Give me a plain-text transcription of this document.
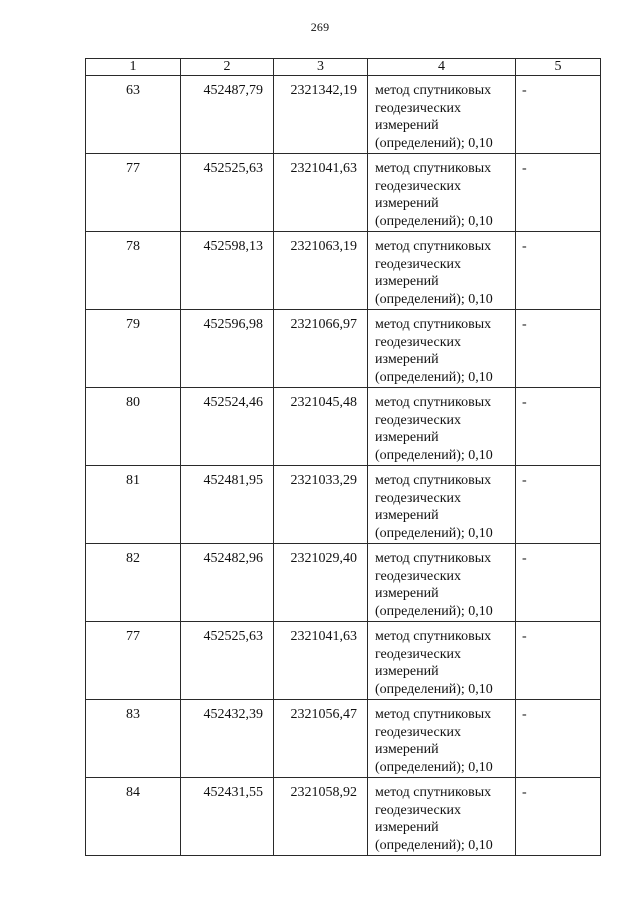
269
1	2	3	4	5
63	452487,79	2321342,19	метод спутниковых
геодезических
измерений
(определений); 0,10	-
77	452525,63	2321041,63	метод спутниковых
геодезических
измерений
(определений); 0,10	-
78	452598,13	2321063,19	метод спутниковых
геодезических
измерений
(определений); 0,10	-
79	452596,98	2321066,97	метод спутниковых
геодезических
измерений
(определений); 0,10	-
80	452524,46	2321045,48	метод спутниковых
геодезических
измерений
(определений); 0,10	-
81	452481,95	2321033,29	метод спутниковых
геодезических
измерений
(определений); 0,10	-
82	452482,96	2321029,40	метод спутниковых
геодезических
измерений
(определений); 0,10	-
77	452525,63	2321041,63	метод спутниковых
геодезических
измерений
(определений); 0,10	-
83	452432,39	2321056,47	метод спутниковых
геодезических
измерений
(определений); 0,10	-
84	452431,55	2321058,92	метод спутниковых
геодезических
измерений
(определений); 0,10	-
